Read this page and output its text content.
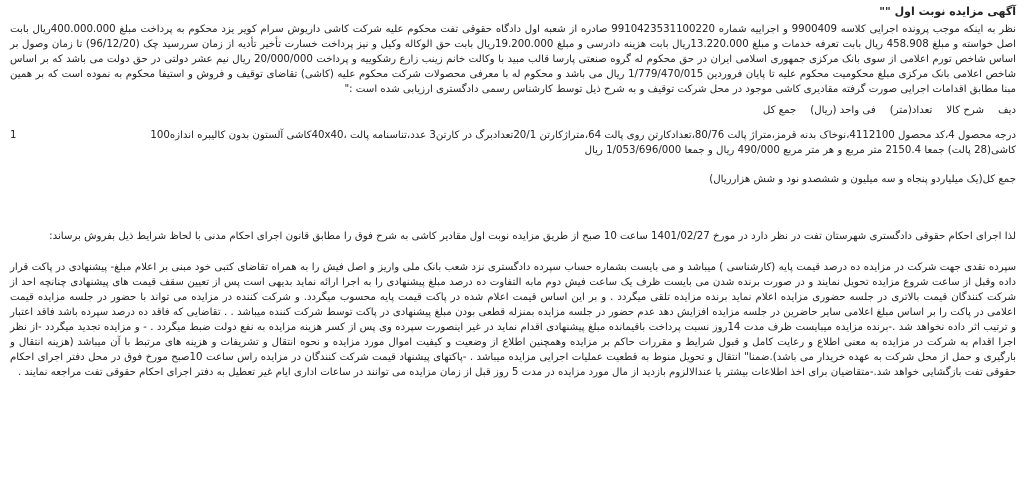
آگهی مزایده نوبت اول ""

نظر به اینکه موجب پرونده اجرایی کلاسه 9900409 و اجراییه شماره 9910423531100220 صادره از شعبه اول دادگاه حقوقی تفت محکوم علیه شرکت کاشی داریوش سرام کویر یزد محکوم به پرداخت مبلغ 400.000.000ریال بابت اصل خواسته و مبلغ 458.908 ریال بابت تعرفه خدمات و مبلغ 13.220.000ریال بابت هزینه دادرسی و مبلغ 19.200.000ریال بابت حق الوکاله وکیل و نیز پرداخت خسارت تأخیر تأدیه از زمان سررسید چک (96/12/20) تا زمان وصول بر اساس شاخص تورم اعلامی از سوی بانک مرکزی جمهوری اسلامی ایران در حق محکوم له گروه صنعتی پارسا قالب مبید با وکالت خانم زینب زارع رشکوییه و پرداخت 20/000/000 ریال نیم عشر دولتی در حق دولت می باشد که بر اساس شاخص اعلامی بانک مرکزی مبلغ محکومیت محکوم علیه تا پایان فروردین 1/779/470/015 ریال می باشد و محکوم له با معرفی محصولات شرکت محکوم علیه (کاشی) تقاضای توقیف و فروش و استیفا محکوم به نموده است که بر همین مبنا مطابق اقدامات اجرایی صورت گرفته مقادیری کاشی موجود در محل شرکت توقیف و به شرح ذیل توسط کارشناس رسمی دادگستری ارزیابی شده است :"

دیف
شرح کالا
تعداد(متر)
فی واحد (ریال)
جمع کل
1	درجه محصول 4،کد محصول 4112100،نوخاک بدنه قرمز،متراژ پالت 80/76،تعدادکارتن روی پالت 64،متراژکارتن 20/1تعدادبرگ در کارتن3 عدد،تناسنامه پالت ،40x40کاشی آلستون بدون کالیبره اندازه100
کاشی(28 پالت) جمعا 2150.4 متر مربع و هر متر مربع 490/000 ریال و جمعا 1/053/696/000 ریال
جمع کل(یک میلیاردو پنجاه و سه میلیون و ششصدو نود و شش هزارریال)

لذا اجرای احکام حقوقی دادگستری شهرستان تفت در نظر دارد در مورخ 1401/02/27 ساعت 10 صبح از طریق مزایده نوبت اول مقادیر کاشی به شرح فوق را مطابق قانون اجرای احکام مدنی با لحاظ شرایط ذیل بفروش برساند:

سپرده نقدی جهت شرکت در مزایده ده درصد قیمت پایه (کارشناسی ) میباشد و می بایست بشماره حساب سپرده دادگستری نزد شعب بانک ملی واریز و اصل فیش را به همراه تقاضای کتبی خود مبنی بر اعلام مبلغ- پیشنهادی در پاکت قرار داده وقبل از ساعت شروع مزایده تحویل نمایند و در صورت برنده شدن می بایست ظرف یک ساعت فیش دوم مابه التفاوت ده درصد مبلغ پیشنهادی را به اجرا ارائه نماید بدیهی است پس از تعیین سقف قیمت های پیشنهادی چنانچه احد از شرکت کنندگان قیمت بالاتری در جلسه حضوری مزایده اعلام نماید برنده مزایده تلقی میگردد . و بر این اساس قیمت اعلام شده در پاکت قیمت پایه محسوب میگردد. و شرکت کننده در مزایده می تواند با حضور در جلسه مزایده قیمت اعلامی در پاکت را بر اساس مبلغ اعلامی سایر حاضرین در جلسه مزایده افزایش دهد عدم حضور در جلسه مزایده بمنزله قطعی بودن مبلغ پیشنهادی در پاکت توسط شرکت کننده میباشد . . تقاضایی که فاقد ده درصد سپرده باشد فاقد اعتبار و ترتیب اثر داده نخواهد شد .-برنده مزایده میبایست ظرف مدت 14روز نسبت پرداخت باقیمانده مبلغ پیشنهادی اقدام نماید در غیر اینصورت سپرده وی پس از کسر هزینه مزایده به نفع دولت ضبط میگردد . - و مزایده تجدید میگردد -از نظر اجرا اقدام به شرکت در مزایده به معنی اطلاع و رعایت کامل و قبول شرایط و مقررات حاکم بر مزایده وهمچنین اطلاع از وضعیت و کیفیت اموال مورد مزایده و نحوه انتقال و تشریفات و هزینه های مرتبط با آن میباشد (هزینه انتقال و بارگیری و حمل از محل شرکت به عهده خریدار می باشد).ضمنا" انتقال و تحویل منوط به قطعیت عملیات اجرایی مزایده میباشد . -پاکتهای پیشنهاد قیمت شرکت کنندگان در مزایده راس ساعت 10صبح مورخ فوق در محل دفتر اجرای احکام حقوقی تفت بازگشایی خواهد شد.-متقاضیان برای اخذ اطلاعات بیشتر یا عندالالزوم بازدید از مال مورد مزایده در مدت 5 روز قبل از زمان مزایده می توانند در ساعات اداری ایام غیر تعطیل به دفتر اجرای احکام حقوقی تفت مراجعه نمایند .
